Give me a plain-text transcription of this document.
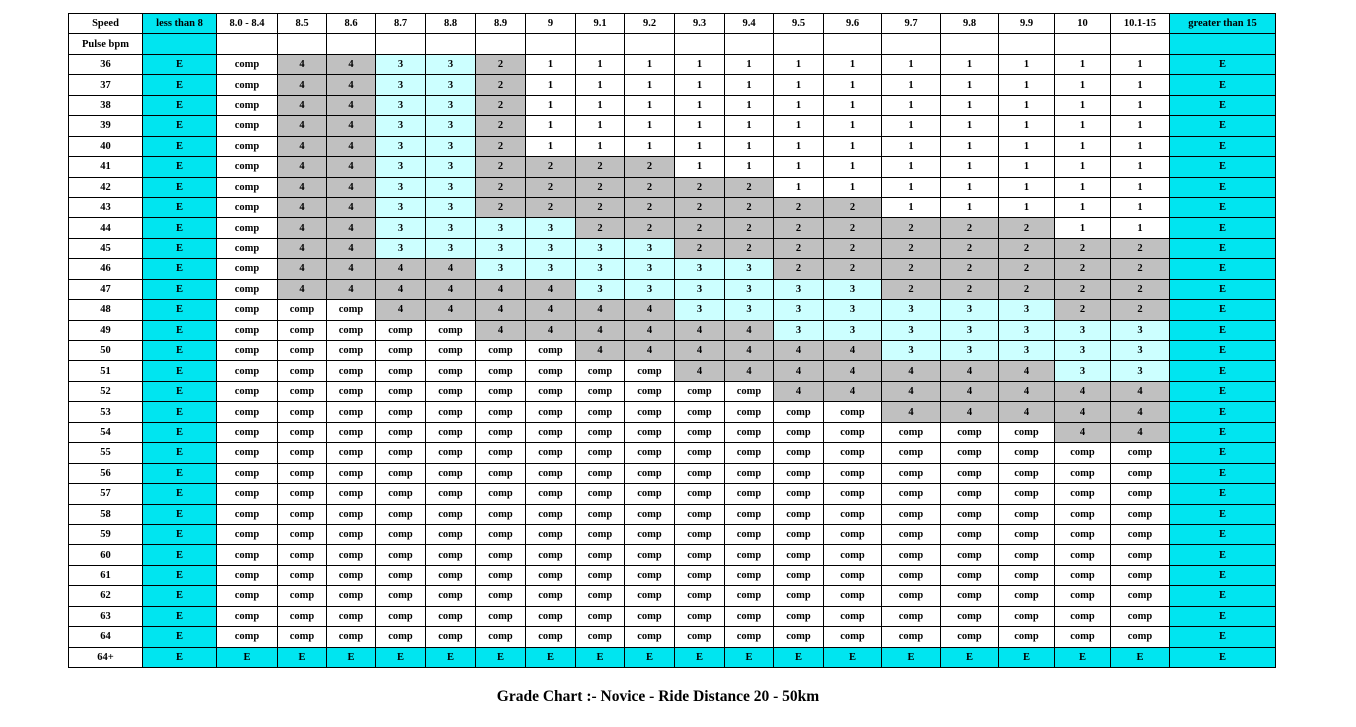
Speed	less than 8	8.0 - 8.4	8.5	8.6	8.7	8.8	8.9	9	9.1	9.2	9.3	9.4	9.5	9.6	9.7	9.8	9.9	10	10.1-15	greater than 15
Pulse bpm																				
36	E	comp	4	4	3	3	2	1	1	1	1	1	1	1	1	1	1	1	1	E
37	E	comp	4	4	3	3	2	1	1	1	1	1	1	1	1	1	1	1	1	E
38	E	comp	4	4	3	3	2	1	1	1	1	1	1	1	1	1	1	1	1	E
39	E	comp	4	4	3	3	2	1	1	1	1	1	1	1	1	1	1	1	1	E
40	E	comp	4	4	3	3	2	1	1	1	1	1	1	1	1	1	1	1	1	E
41	E	comp	4	4	3	3	2	2	2	2	1	1	1	1	1	1	1	1	1	E
42	E	comp	4	4	3	3	2	2	2	2	2	2	1	1	1	1	1	1	1	E
43	E	comp	4	4	3	3	2	2	2	2	2	2	2	2	1	1	1	1	1	E
44	E	comp	4	4	3	3	3	3	2	2	2	2	2	2	2	2	2	1	1	E
45	E	comp	4	4	3	3	3	3	3	3	2	2	2	2	2	2	2	2	2	E
46	E	comp	4	4	4	4	3	3	3	3	3	3	2	2	2	2	2	2	2	E
47	E	comp	4	4	4	4	4	4	3	3	3	3	3	3	2	2	2	2	2	E
48	E	comp	comp	comp	4	4	4	4	4	4	3	3	3	3	3	3	3	2	2	E
49	E	comp	comp	comp	comp	comp	4	4	4	4	4	4	3	3	3	3	3	3	3	E
50	E	comp	comp	comp	comp	comp	comp	comp	4	4	4	4	4	4	3	3	3	3	3	E
51	E	comp	comp	comp	comp	comp	comp	comp	comp	comp	4	4	4	4	4	4	4	3	3	E
52	E	comp	comp	comp	comp	comp	comp	comp	comp	comp	comp	comp	4	4	4	4	4	4	4	E
53	E	comp	comp	comp	comp	comp	comp	comp	comp	comp	comp	comp	comp	comp	4	4	4	4	4	E
54	E	comp	comp	comp	comp	comp	comp	comp	comp	comp	comp	comp	comp	comp	comp	comp	comp	4	4	E
55	E	comp	comp	comp	comp	comp	comp	comp	comp	comp	comp	comp	comp	comp	comp	comp	comp	comp	comp	E
56	E	comp	comp	comp	comp	comp	comp	comp	comp	comp	comp	comp	comp	comp	comp	comp	comp	comp	comp	E
57	E	comp	comp	comp	comp	comp	comp	comp	comp	comp	comp	comp	comp	comp	comp	comp	comp	comp	comp	E
58	E	comp	comp	comp	comp	comp	comp	comp	comp	comp	comp	comp	comp	comp	comp	comp	comp	comp	comp	E
59	E	comp	comp	comp	comp	comp	comp	comp	comp	comp	comp	comp	comp	comp	comp	comp	comp	comp	comp	E
60	E	comp	comp	comp	comp	comp	comp	comp	comp	comp	comp	comp	comp	comp	comp	comp	comp	comp	comp	E
61	E	comp	comp	comp	comp	comp	comp	comp	comp	comp	comp	comp	comp	comp	comp	comp	comp	comp	comp	E
62	E	comp	comp	comp	comp	comp	comp	comp	comp	comp	comp	comp	comp	comp	comp	comp	comp	comp	comp	E
63	E	comp	comp	comp	comp	comp	comp	comp	comp	comp	comp	comp	comp	comp	comp	comp	comp	comp	comp	E
64	E	comp	comp	comp	comp	comp	comp	comp	comp	comp	comp	comp	comp	comp	comp	comp	comp	comp	comp	E
64+	E	E	E	E	E	E	E	E	E	E	E	E	E	E	E	E	E	E	E	E
Grade Chart :- Novice - Ride Distance 20 - 50km
